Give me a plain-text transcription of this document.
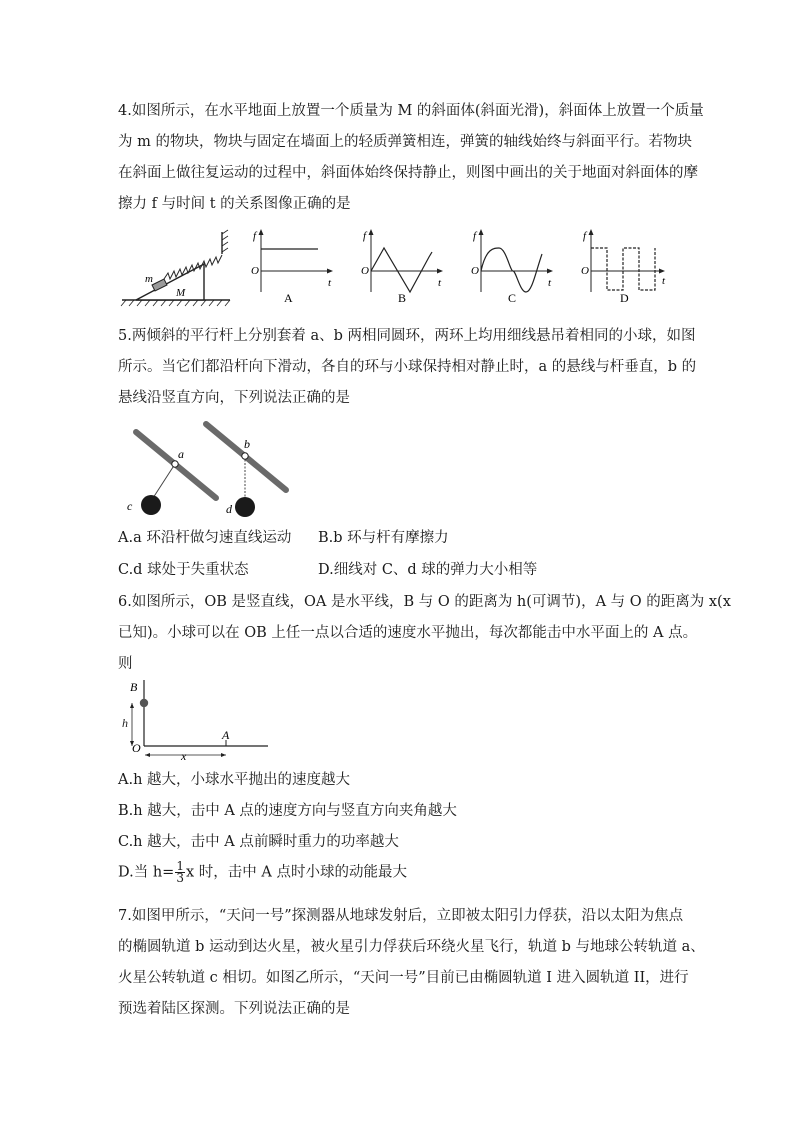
4.如图所示，在水平地面上放置一个质量为 M 的斜面体(斜面光滑)，斜面体上放置一个质量
为 m 的物块，物块与固定在墙面上的轻质弹簧相连，弹簧的轴线始终与斜面平行。若物块
在斜面上做往复运动的过程中，斜面体始终保持静止，则图中画出的关于地面对斜面体的摩
擦力 f 与时间 t 的关系图像正确的是
m
M
f
O
t
A
f
O
t
B
f
O
t
C
f
O
t
D
5.两倾斜的平行杆上分别套着 a、b 两相同圆环，两环上均用细线悬吊着相同的小球，如图
所示。当它们都沿杆向下滑动，各自的环与小球保持相对静止时，a 的悬线与杆垂直，b 的
悬线沿竖直方向，下列说法正确的是
a
b
c	d
A.a 环沿杆做匀速直线运动 B.b 环与杆有摩擦力
C.d 球处于失重状态	D.细线对 C、d 球的弹力大小相等
6.如图所示，OB 是竖直线，OA 是水平线，B 与 O 的距离为 h(可调节)，A 与 O 的距离为 x(x
已知)。小球可以在 OB 上任一点以合适的速度水平抛出，每次都能击中水平面上的 A 点。
则
B
h
O
x
A
A.h 越大，小球水平抛出的速度越大
B.h 越大，击中 A 点的速度方向与竖直方向夹角越大
C.h 越大，击中 A 点前瞬时重力的功率越大
D.当 $h= \frac{1}{3}$ x 时，击中 A 点时小球的动能最大
7.如图甲所示，“天问一号”探测器从地球发射后，立即被太阳引力俘获，沿以太阳为焦点
的椭圆轨道 b 运动到达火星，被火星引力俘获后环绕火星飞行，轨道 b 与地球公转轨道 a、
火星公转轨道 c 相切。如图乙所示，“天问一号”目前已由椭圆轨道 I 进入圆轨道 II，进行
预选着陆区探测。下列说法正确的是
